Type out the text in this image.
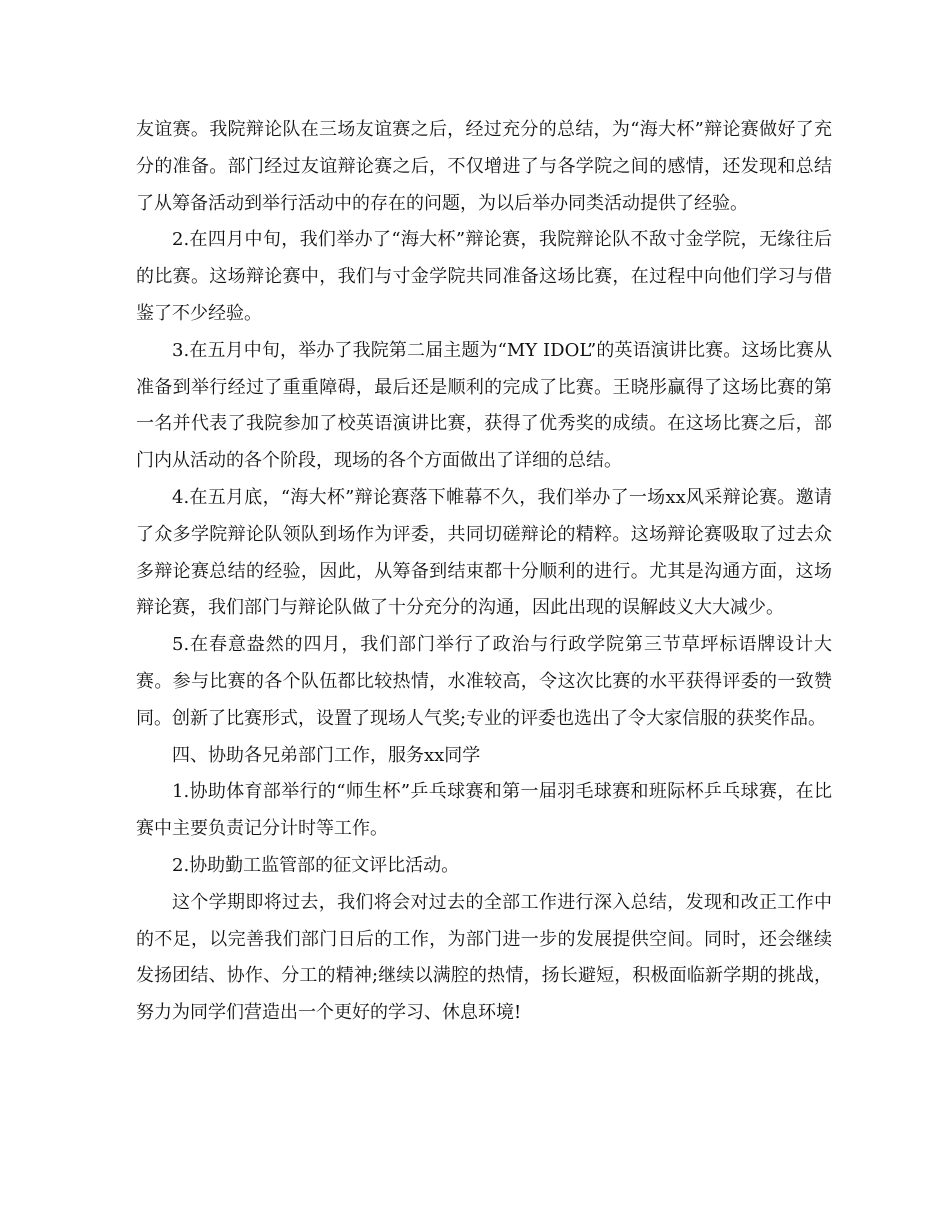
友谊赛。我院辩论队在三场友谊赛之后，经过充分的总结，为“海大杯”辩论赛做好了充分的准备。部门经过友谊辩论赛之后，不仅增进了与各学院之间的感情，还发现和总结了从筹备活动到举行活动中的存在的问题，为以后举办同类活动提供了经验。

2.在四月中旬，我们举办了“海大杯”辩论赛，我院辩论队不敌寸金学院，无缘往后的比赛。这场辩论赛中，我们与寸金学院共同准备这场比赛，在过程中向他们学习与借鉴了不少经验。

3.在五月中旬，举办了我院第二届主题为“MY IDOL”的英语演讲比赛。这场比赛从准备到举行经过了重重障碍，最后还是顺利的完成了比赛。王晓彤赢得了这场比赛的第一名并代表了我院参加了校英语演讲比赛，获得了优秀奖的成绩。在这场比赛之后，部门内从活动的各个阶段，现场的各个方面做出了详细的总结。

4.在五月底，“海大杯”辩论赛落下帷幕不久，我们举办了一场xx风采辩论赛。邀请了众多学院辩论队领队到场作为评委，共同切磋辩论的精粹。这场辩论赛吸取了过去众多辩论赛总结的经验，因此，从筹备到结束都十分顺利的进行。尤其是沟通方面，这场辩论赛，我们部门与辩论队做了十分充分的沟通，因此出现的误解歧义大大减少。

5.在春意盎然的四月，我们部门举行了政治与行政学院第三节草坪标语牌设计大赛。参与比赛的各个队伍都比较热情，水准较高，令这次比赛的水平获得评委的一致赞同。创新了比赛形式，设置了现场人气奖;专业的评委也选出了令大家信服的获奖作品。

四、协助各兄弟部门工作，服务xx同学

1.协助体育部举行的“师生杯”乒乓球赛和第一届羽毛球赛和班际杯乒乓球赛，在比赛中主要负责记分计时等工作。

2.协助勤工监管部的征文评比活动。

这个学期即将过去，我们将会对过去的全部工作进行深入总结，发现和改正工作中的不足，以完善我们部门日后的工作，为部门进一步的发展提供空间。同时，还会继续发扬团结、协作、分工的精神;继续以满腔的热情，扬长避短，积极面临新学期的挑战，努力为同学们营造出一个更好的学习、休息环境!
